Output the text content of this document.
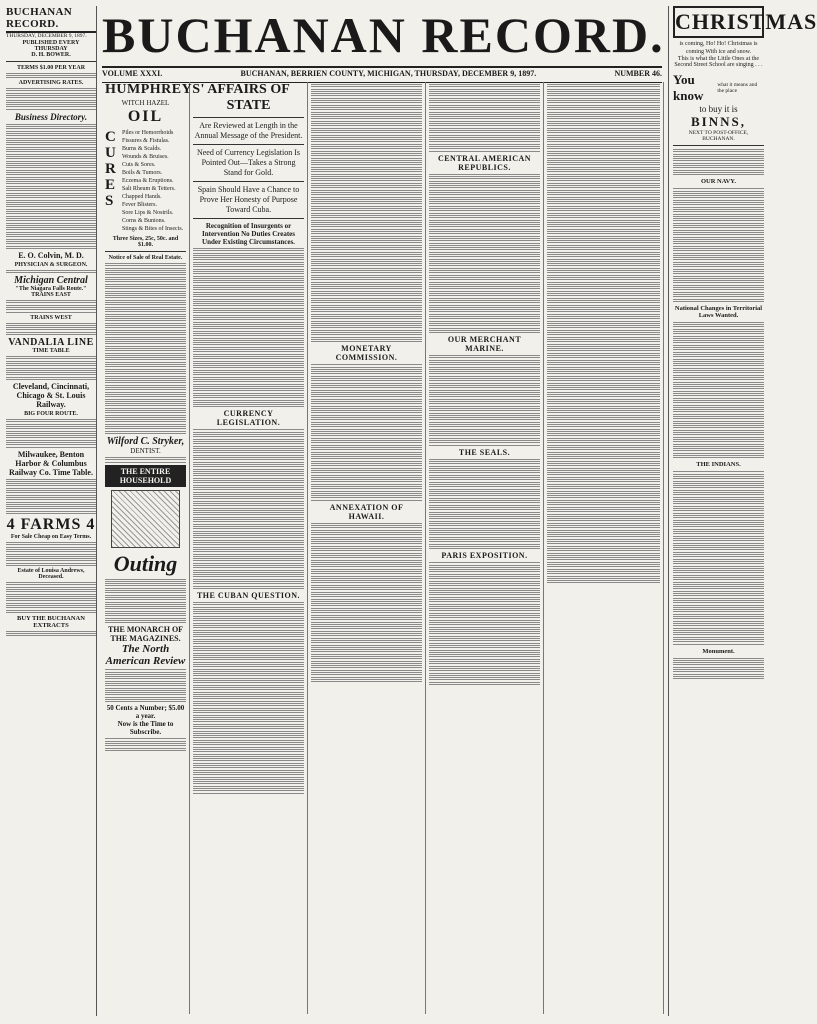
BUCHANAN RECORD.
THURSDAY, DECEMBER 9, 1897.
PUBLISHED EVERY THURSDAY
D. H. BOWER.
TERMS $1.00 PER YEAR
ADVERTISING RATES.
Business Directory.
E. O. Colvin, M. D.
PHYSICIAN & SURGEON.
Michigan Central
"The Niagara Falls Route."
TRAINS EAST
TRAINS WEST
VANDALIA LINE
TIME TABLE
Cleveland, Cincinnati, Chicago & St. Louis Railway.
BIG FOUR ROUTE.
Milwaukee, Benton Harbor & Columbus Railway Co. Time Table.
4 FARMS 4
For Sale Cheap on Easy Terms.
Estate of Louisa Andrews, Deceased.
BUY THE BUCHANAN EXTRACTS
BUCHANAN RECORD.
VOLUME XXXI.	BUCHANAN, BERRIEN COUNTY, MICHIGAN, THURSDAY, DECEMBER 9, 1897.	NUMBER 46.
HUMPHREYS'
WITCH HAZEL
OIL
C
U
R
E
S
Piles or Hemorrhoids
Fissures & Fistulas.
Burns & Scalds.
Wounds & Bruises.
Cuts & Sores.
Boils & Tumors.
Eczema & Eruptions.
Salt Rheum & Tetters.
Chapped Hands.
Fever Blisters.
Sore Lips & Nostrils.
Corns & Bunions.
Stings & Bites of Insects.
Three Sizes, 25c, 50c. and $1.00.
Notice of Sale of Real Estate.
Wilford C. Stryker,
DENTIST.
THE ENTIRE HOUSEHOLD
Outing
THE MONARCH OF THE MAGAZINES.
The North American Review
50 Cents a Number; $5.00 a year.
Now is the Time to Subscribe.
AFFAIRS OF STATE
Are Reviewed at Length in the Annual Message of the President.
Need of Currency Legislation Is Pointed Out—Takes a Strong Stand for Gold.
Spain Should Have a Chance to Prove Her Honesty of Purpose Toward Cuba.
Recognition of Insurgents or Intervention No Duties Creates Under Existing Circumstances.
CURRENCY LEGISLATION.
THE CUBAN QUESTION.
MONETARY COMMISSION.
ANNEXATION OF HAWAII.
CENTRAL AMERICAN REPUBLICS.
OUR MERCHANT MARINE.
THE SEALS.
PARIS EXPOSITION.
CHRISTMAS
is coming, Ho! Ho! Christmas is coming With ice and snow.
This is what the Little Ones at the Second Street School are singing . . .
You know
what it means and the place
to buy it is
BINNS,
NEXT TO POST-OFFICE, BUCHANAN.
OUR NAVY.
National Changes in Territorial Laws Wanted.
THE INDIANS.
Monument.
